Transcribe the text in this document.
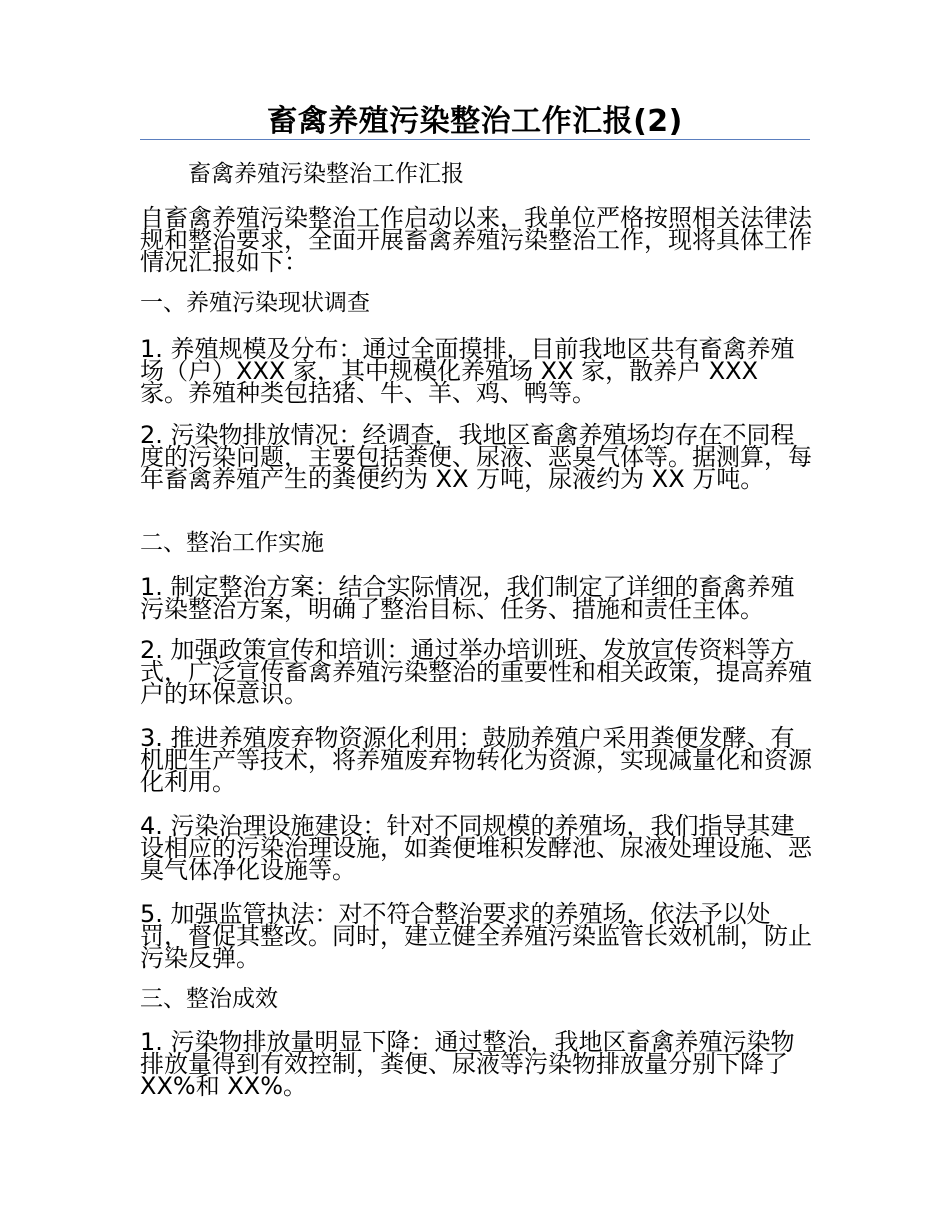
畜禽养殖污染整治工作汇报(2)
畜禽养殖污染整治工作汇报

自畜禽养殖污染整治工作启动以来，我单位严格按照相关法律法规和整治要求，全面开展畜禽养殖污染整治工作，现将具体工作情况汇报如下：

一、养殖污染现状调查

1. 养殖规模及分布：通过全面摸排，目前我地区共有畜禽养殖场（户）XXX 家，其中规模化养殖场 XX 家，散养户 XXX 家。养殖种类包括猪、牛、羊、鸡、鸭等。

2. 污染物排放情况：经调查，我地区畜禽养殖场均存在不同程度的污染问题，主要包括粪便、尿液、恶臭气体等。据测算，每年畜禽养殖产生的粪便约为 XX 万吨，尿液约为 XX 万吨。

二、整治工作实施

1. 制定整治方案：结合实际情况，我们制定了详细的畜禽养殖污染整治方案，明确了整治目标、任务、措施和责任主体。

2. 加强政策宣传和培训：通过举办培训班、发放宣传资料等方式，广泛宣传畜禽养殖污染整治的重要性和相关政策，提高养殖户的环保意识。

3. 推进养殖废弃物资源化利用：鼓励养殖户采用粪便发酵、有机肥生产等技术，将养殖废弃物转化为资源，实现减量化和资源化利用。

4. 污染治理设施建设：针对不同规模的养殖场，我们指导其建设相应的污染治理设施，如粪便堆积发酵池、尿液处理设施、恶臭气体净化设施等。

5. 加强监管执法：对不符合整治要求的养殖场，依法予以处罚，督促其整改。同时，建立健全养殖污染监管长效机制，防止污染反弹。

三、整治成效

1. 污染物排放量明显下降：通过整治，我地区畜禽养殖污染物排放量得到有效控制，粪便、尿液等污染物排放量分别下降了 XX%和 XX%。
